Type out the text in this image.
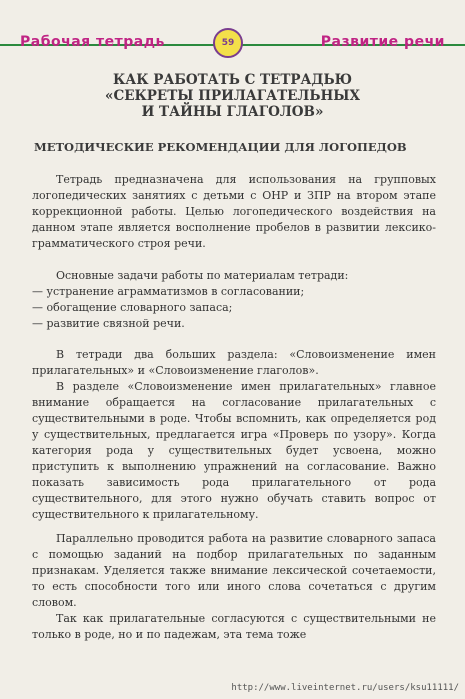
Рабочая тетрадь	59	Развитие речи
КАК РАБОТАТЬ С ТЕТРАДЬЮ
«СЕКРЕТЫ ПРИЛАГАТЕЛЬНЫХ
И ТАЙНЫ ГЛАГОЛОВ»
МЕТОДИЧЕСКИЕ РЕКОМЕНДАЦИИ ДЛЯ ЛОГОПЕДОВ

Тетрадь предназначена для использования на групповых логопедических занятиях с детьми с ОНР и ЗПР на втором этапе коррекционной работы. Целью логопедического воздействия на данном этапе является восполнение пробелов в развитии лексико-грамматического строя речи.

Основные задачи работы по материалам тетради:

— устранение аграмматизмов в согласовании;

— обогащение словарного запаса;

— развитие связной речи.

В тетради два больших раздела: «Словоизменение имен прилагательных» и «Словоизменение глаголов».

В разделе «Словоизменение имен прилагательных» главное внимание обращается на согласование прилагательных с существительными в роде. Чтобы вспомнить, как определяется род у существительных, предлагается игра «Проверь по узору». Когда категория рода у существительных будет усвоена, можно приступить к выполнению упражнений на согласование. Важно показать зависимость рода прилагательного от рода существительного, для этого нужно обучать ставить вопрос от существительного к прилагательному.

Параллельно проводится работа на развитие словарного запаса с помощью заданий на подбор прилагательных по заданным признакам. Уделяется также внимание лексической сочетаемости, то есть способности того или иного слова сочетаться с другим словом.

Так как прилагательные согласуются с существительными не только в роде, но и по падежам, эта тема тоже

http://www.liveinternet.ru/users/ksu11111/
